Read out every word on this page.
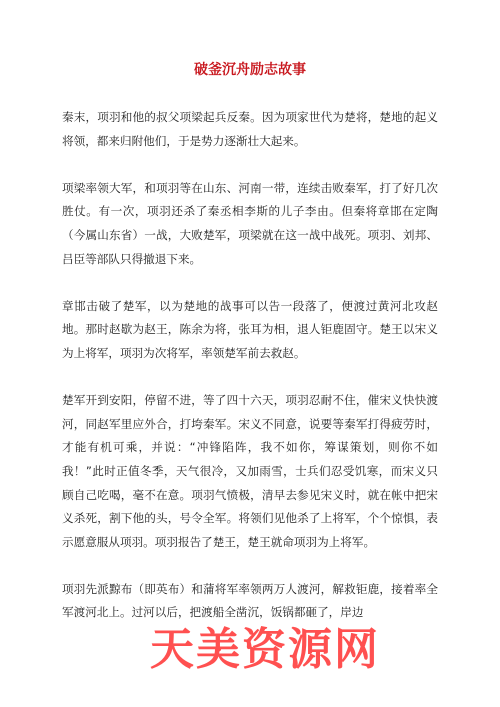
破釜沉舟励志故事

秦末，项羽和他的叔父项梁起兵反秦。因为项家世代为楚将，楚地的起义将领，都来归附他们，于是势力逐渐壮大起来。

项梁率领大军，和项羽等在山东、河南一带，连续击败秦军，打了好几次胜仗。有一次，项羽还杀了秦丞相李斯的儿子李由。但秦将章邯在定陶（今属山东省）一战，大败楚军，项梁就在这一战中战死。项羽、刘邦、吕臣等部队只得撤退下来。

章邯击破了楚军，以为楚地的战事可以告一段落了，便渡过黄河北攻赵地。那时赵歇为赵王，陈余为将，张耳为相，退人钜鹿固守。楚王以宋义为上将军，项羽为次将军，率领楚军前去救赵。

楚军开到安阳，停留不进，等了四十六天，项羽忍耐不住，催宋义快快渡河，同赵军里应外合，打垮秦军。宋义不同意，说要等秦军打得疲劳时，才能有机可乘，并说：“冲锋陷阵，我不如你，筹谋策划，则你不如我！”此时正值冬季，天气很冷，又加雨雪，士兵们忍受饥寒，而宋义只顾自己吃喝，毫不在意。项羽气愤极，清早去参见宋义时，就在帐中把宋义杀死，割下他的头，号令全军。将领们见他杀了上将军，个个惊惧，表示愿意服从项羽。项羽报告了楚王，楚王就命项羽为上将军。

项羽先派黥布（即英布）和蒲将军率领两万人渡河，解救钜鹿，接着率全军渡河北上。过河以后，把渡船全凿沉，饭锅都砸了，岸边

天美资源网
